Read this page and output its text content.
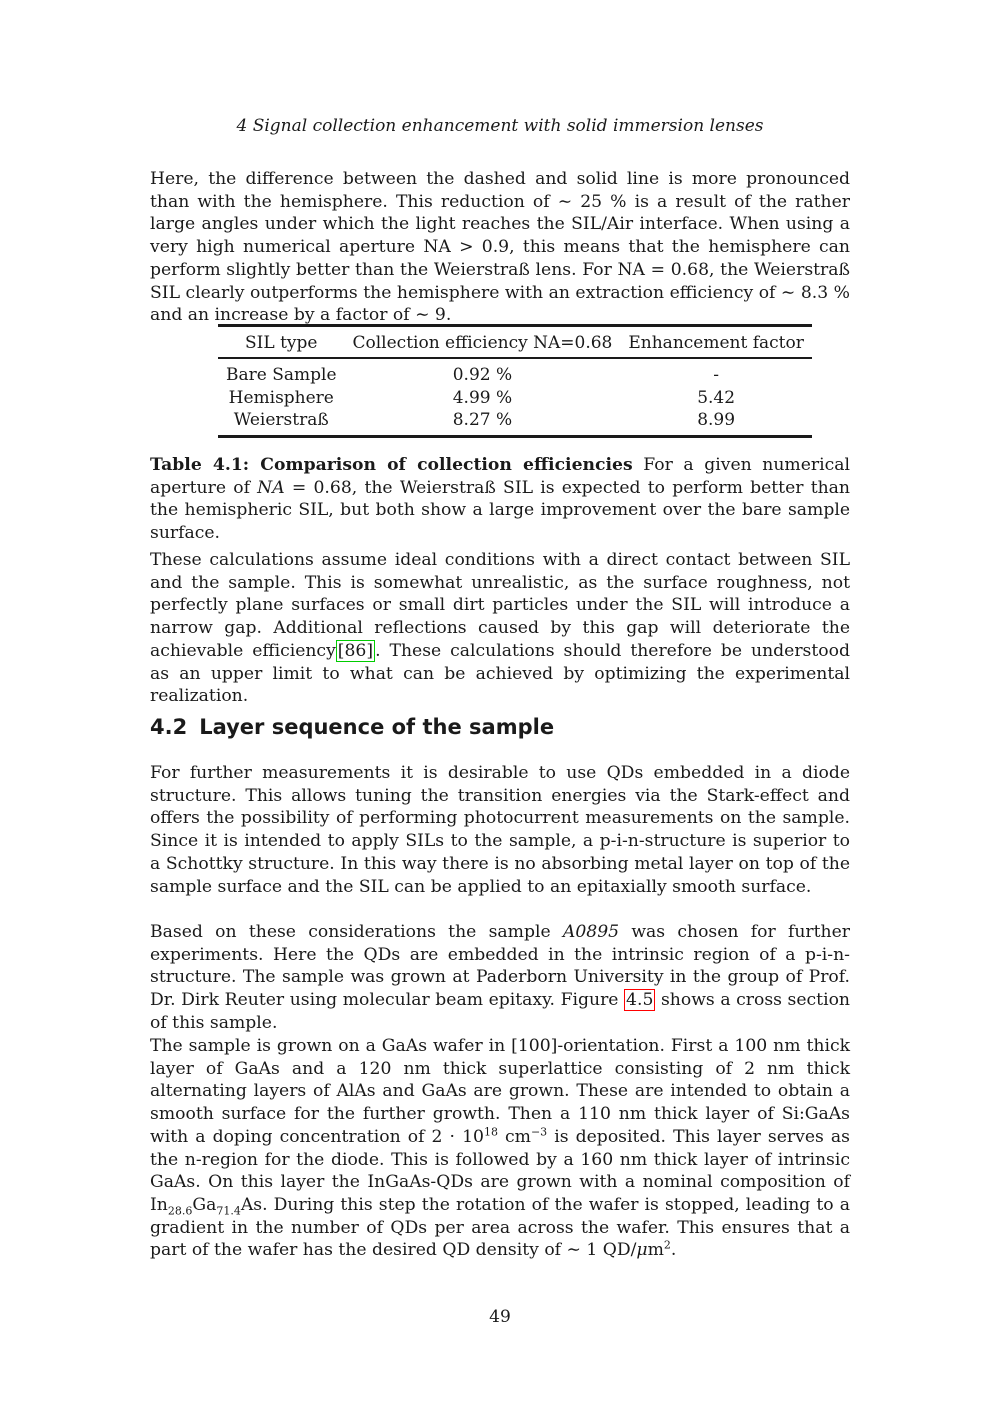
4 Signal collection enhancement with solid immersion lenses

Here, the difference between the dashed and solid line is more pronounced than with the hemisphere. This reduction of ∼ 25 % is a result of the rather large angles under which the light reaches the SIL/Air interface. When using a very high numerical aperture NA > 0.9, this means that the hemisphere can perform slightly better than the Weierstraß lens. For NA = 0.68, the Weierstraß SIL clearly outperforms the hemisphere with an extraction efficiency of ∼ 8.3 % and an increase by a factor of ∼ 9.

SIL type	Collection efficiency NA=0.68	Enhancement factor
Bare Sample	0.92 %	-
Hemisphere	4.99 %	5.42
Weierstraß	8.27 %	8.99

Table 4.1: Comparison of collection efficiencies For a given numerical aperture of NA = 0.68, the Weierstraß SIL is expected to perform better than the hemispheric SIL, but both show a large improvement over the bare sample surface.

These calculations assume ideal conditions with a direct contact between SIL and the sample. This is somewhat unrealistic, as the surface roughness, not perfectly plane surfaces or small dirt particles under the SIL will introduce a narrow gap. Additional reflections caused by this gap will deteriorate the achievable efficiency [86] . These calculations should therefore be understood as an upper limit to what can be achieved by optimizing the experimental realization.

4.2 Layer sequence of the sample

For further measurements it is desirable to use QDs embedded in a diode structure. This allows tuning the transition energies via the Stark-effect and offers the possibility of performing photocurrent measurements on the sample. Since it is intended to apply SILs to the sample, a p-i-n-structure is superior to a Schottky structure. In this way there is no absorbing metal layer on top of the sample surface and the SIL can be applied to an epitaxially smooth surface.

Based on these considerations the sample A0895 was chosen for further experiments. Here the QDs are embedded in the intrinsic region of a p-i-n-structure. The sample was grown at Paderborn University in the group of Prof. Dr. Dirk Reuter using molecular beam epitaxy. Figure 4.5 shows a cross section of this sample.

The sample is grown on a GaAs wafer in [100]-orientation. First a 100 nm thick layer of GaAs and a 120 nm thick superlattice consisting of 2 nm thick alternating layers of AlAs and GaAs are grown. These are intended to obtain a smooth surface for the further growth. Then a 110 nm thick layer of Si:GaAs with a doping concentration of $2 \cdot 10^{18}$ $cm^{-3}$ is deposited. This layer serves as the n-region for the diode. This is followed by a 160 nm thick layer of intrinsic GaAs. On this layer the InGaAs-QDs are grown with a nominal composition of $In_{28.6}Ga_{71.4}As$. During this step the rotation of the wafer is stopped, leading to a gradient in the number of QDs per area across the wafer. This ensures that a part of the wafer has the desired QD density of ∼ 1 $QD/\mu m^2$.

49
